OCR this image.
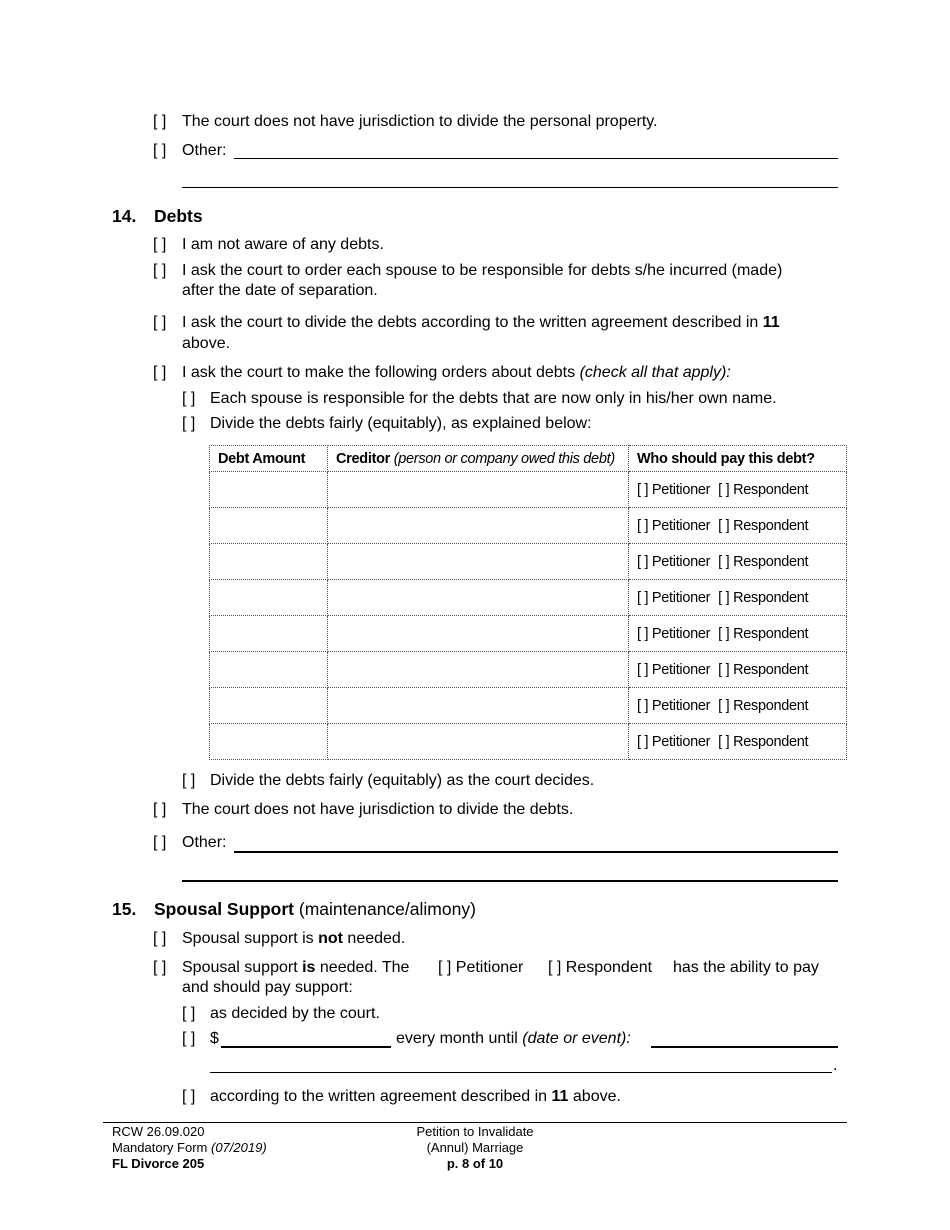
[ ] The court does not have jurisdiction to divide the personal property.
[ ] Other:
14. Debts
[ ] I am not aware of any debts.
[ ] I ask the court to order each spouse to be responsible for debts s/he incurred (made)
after the date of separation.
[ ] I ask the court to divide the debts according to the written agreement described in 11
above.
[ ] I ask the court to make the following orders about debts (check all that apply):
[ ] Each spouse is responsible for the debts that are now only in his/her own name.
[ ] Divide the debts fairly (equitably), as explained below:
Debt Amount	Creditor (person or company owed this debt)	Who should pay this debt?
		[ ] Petitioner [ ] Respondent
		[ ] Petitioner [ ] Respondent
		[ ] Petitioner [ ] Respondent
		[ ] Petitioner [ ] Respondent
		[ ] Petitioner [ ] Respondent
		[ ] Petitioner [ ] Respondent
		[ ] Petitioner [ ] Respondent
		[ ] Petitioner [ ] Respondent
[ ] Divide the debts fairly (equitably) as the court decides.
[ ] The court does not have jurisdiction to divide the debts.
[ ] Other:
15. Spousal Support (maintenance/alimony)
[ ] Spousal support is not needed.
[ ] Spousal support is needed. The [ ] Petitioner [ ] Respondent has the ability to pay
and should pay support:
[ ] as decided by the court.
[ ] $	every month until (date or event):
.
[ ] according to the written agreement described in 11 above.
RCW 26.09.020
Mandatory Form (07/2019)
FL Divorce 205
Petition to Invalidate
(Annul) Marriage
p. 8 of 10
